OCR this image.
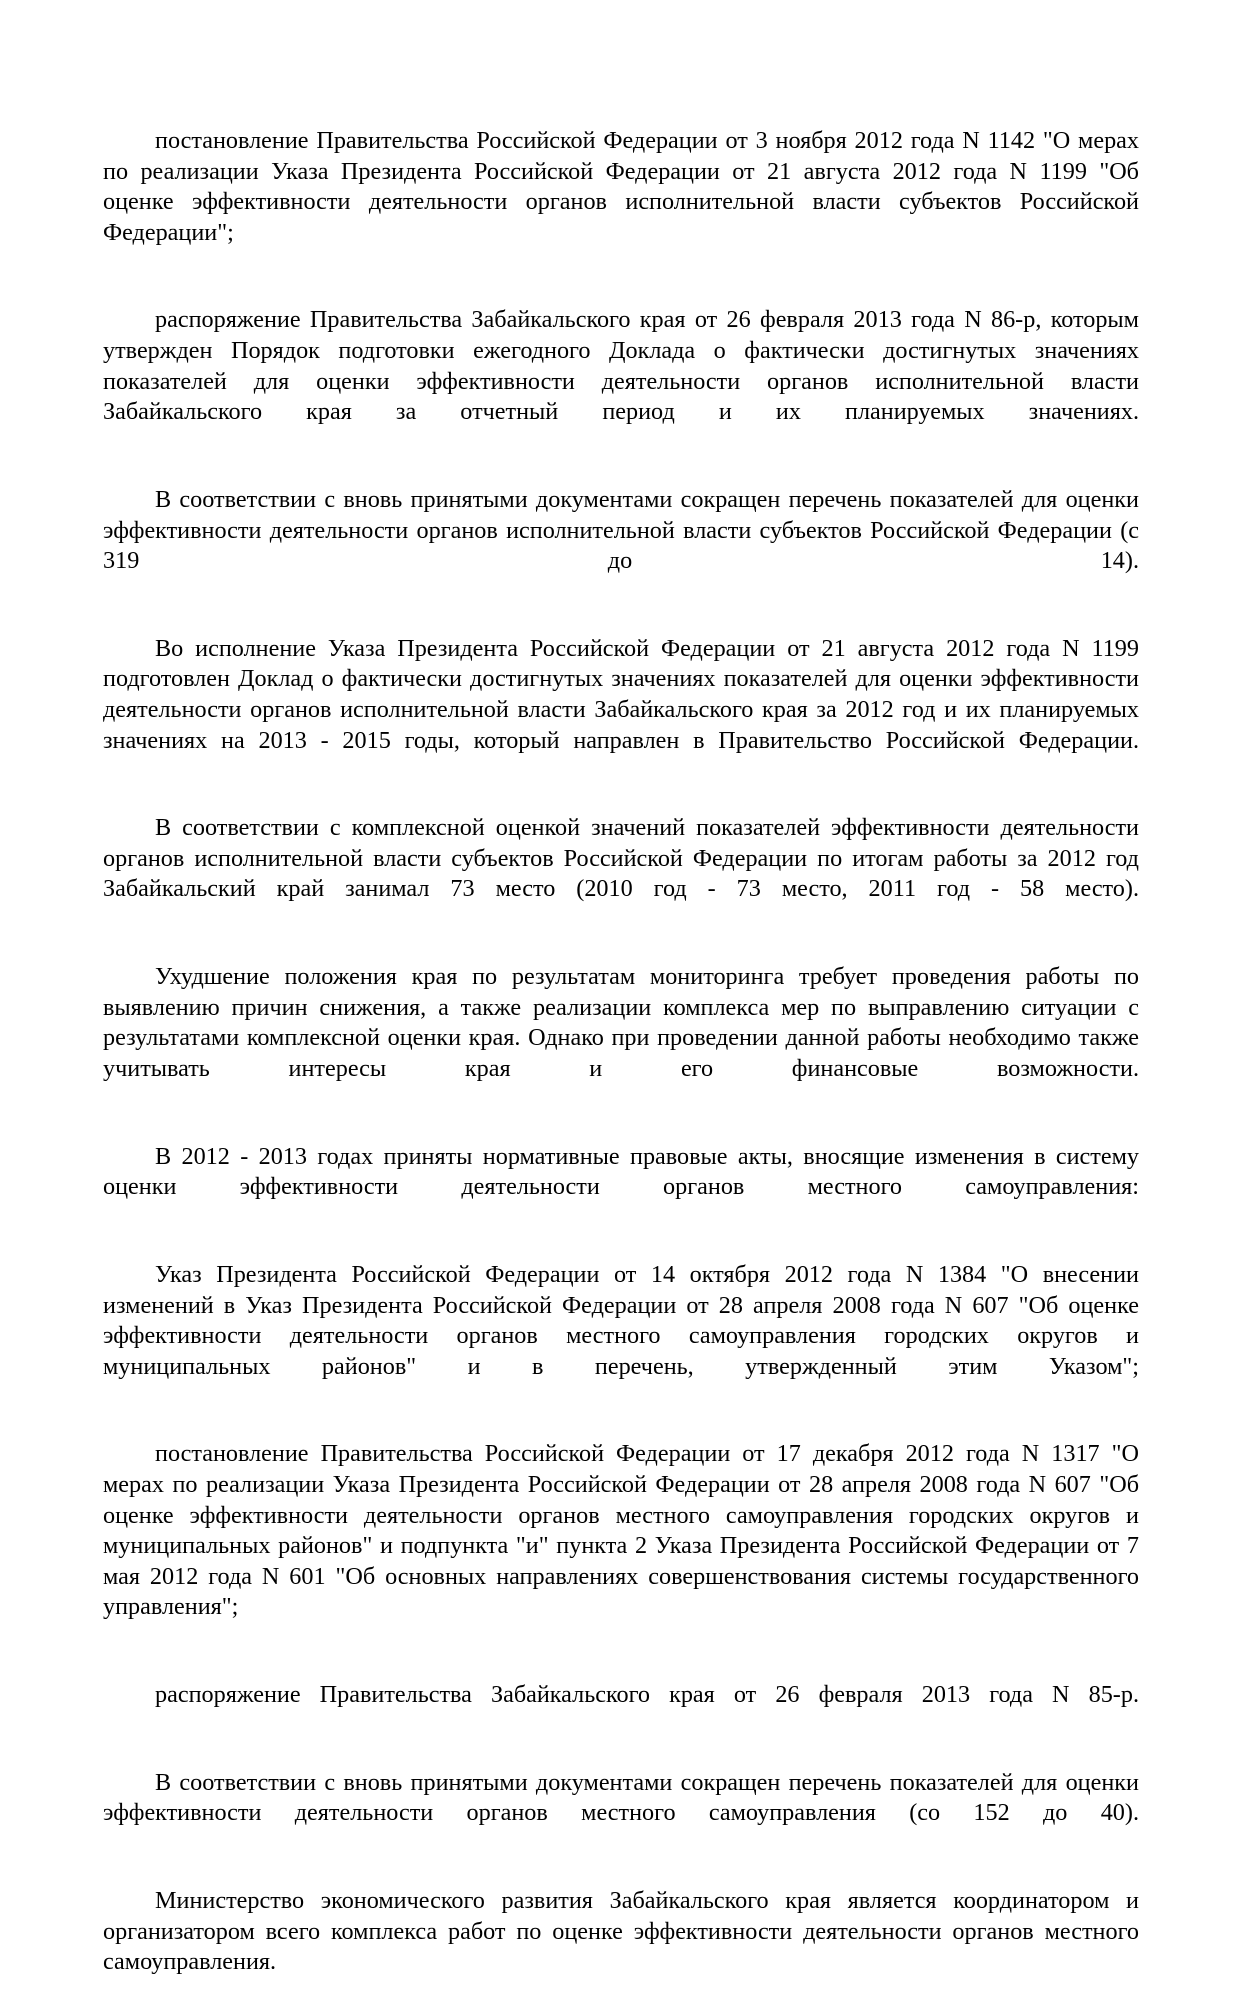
постановление Правительства Российской Федерации от 3 ноября 2012 года N 1142 "О мерах по реализации Указа Президента Российской Федерации от 21 августа 2012 года N 1199 "Об оценке эффективности деятельности органов исполнительной власти субъектов Российской Федерации";

распоряжение Правительства Забайкальского края от 26 февраля 2013 года N 86-р, которым утвержден Порядок подготовки ежегодного Доклада о фактически достигнутых значениях показателей для оценки эффективности деятельности органов исполнительной власти Забайкальского края за отчетный период и их планируемых значениях.

В соответствии с вновь принятыми документами сокращен перечень показателей для оценки эффективности деятельности органов исполнительной власти субъектов Российской Федерации (с 319 до 14).

Во исполнение Указа Президента Российской Федерации от 21 августа 2012 года N 1199 подготовлен Доклад о фактически достигнутых значениях показателей для оценки эффективности деятельности органов исполнительной власти Забайкальского края за 2012 год и их планируемых значениях на 2013 - 2015 годы, который направлен в Правительство Российской Федерации.

В соответствии с комплексной оценкой значений показателей эффективности деятельности органов исполнительной власти субъектов Российской Федерации по итогам работы за 2012 год Забайкальский край занимал 73 место (2010 год - 73 место, 2011 год - 58 место).

Ухудшение положения края по результатам мониторинга требует проведения работы по выявлению причин снижения, а также реализации комплекса мер по выправлению ситуации с результатами комплексной оценки края. Однако при проведении данной работы необходимо также учитывать интересы края и его финансовые возможности.

В 2012 - 2013 годах приняты нормативные правовые акты, вносящие изменения в систему оценки эффективности деятельности органов местного самоуправления:

Указ Президента Российской Федерации от 14 октября 2012 года N 1384 "О внесении изменений в Указ Президента Российской Федерации от 28 апреля 2008 года N 607 "Об оценке эффективности деятельности органов местного самоуправления городских округов и муниципальных районов" и в перечень, утвержденный этим Указом";

постановление Правительства Российской Федерации от 17 декабря 2012 года N 1317 "О мерах по реализации Указа Президента Российской Федерации от 28 апреля 2008 года N 607 "Об оценке эффективности деятельности органов местного самоуправления городских округов и муниципальных районов" и подпункта "и" пункта 2 Указа Президента Российской Федерации от 7 мая 2012 года N 601 "Об основных направлениях совершенствования системы государственного управления";

распоряжение Правительства Забайкальского края от 26 февраля 2013 года N 85-р.

В соответствии с вновь принятыми документами сокращен перечень показателей для оценки эффективности деятельности органов местного самоуправления (со 152 до 40).

Министерство экономического развития Забайкальского края является координатором и организатором всего комплекса работ по оценке эффективности деятельности органов местного самоуправления.
